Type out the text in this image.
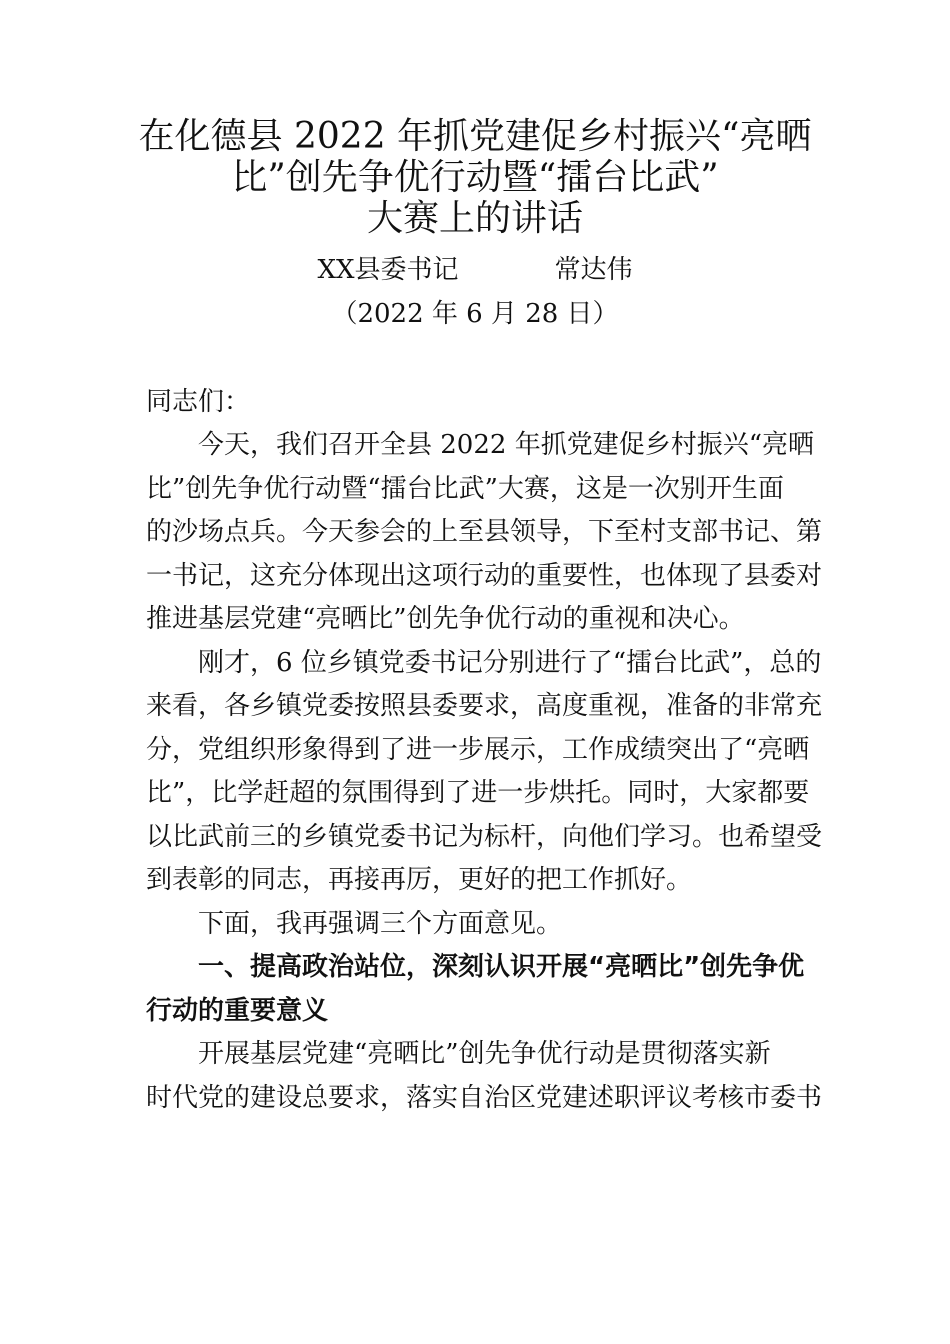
在化德县 2022 年抓党建促乡村振兴“亮晒
比”创先争优行动暨“擂台比武”
大赛上的讲话
XX县委书记	常达伟
（2022 年 6 月 28 日）
同志们：
　　今天，我们召开全县 2022 年抓党建促乡村振兴“亮晒
比”创先争优行动暨“擂台比武”大赛，这是一次别开生面
的沙场点兵。今天参会的上至县领导，下至村支部书记、第
一书记，这充分体现出这项行动的重要性，也体现了县委对
推进基层党建“亮晒比”创先争优行动的重视和决心。
　　刚才，6 位乡镇党委书记分别进行了“擂台比武”，总的
来看，各乡镇党委按照县委要求，高度重视，准备的非常充
分，党组织形象得到了进一步展示，工作成绩突出了“亮晒
比”，比学赶超的氛围得到了进一步烘托。同时，大家都要
以比武前三的乡镇党委书记为标杆，向他们学习。也希望受
到表彰的同志，再接再厉，更好的把工作抓好。
　　下面，我再强调三个方面意见。
　　一、提高政治站位，深刻认识开展“亮晒比”创先争优
行动的重要意义
　　开展基层党建“亮晒比”创先争优行动是贯彻落实新
时代党的建设总要求，落实自治区党建述职评议考核市委书
